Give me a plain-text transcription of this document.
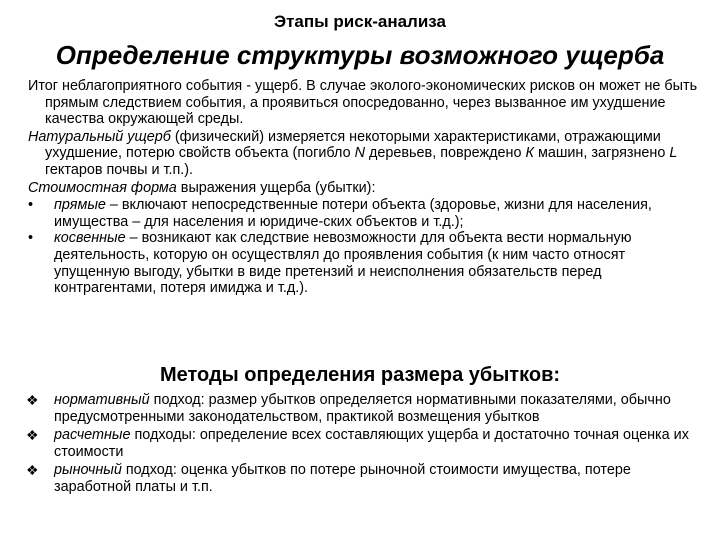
Этапы риск-анализа
Определение структуры возможного ущерба

Итог неблагоприятного события - ущерб. В случае эколого-экономических рисков он может не быть прямым следствием события, а проявиться опосредованно, через вызванное им ухудшение качества окружающей среды.

Натуральный ущерб (физический) измеряется некоторыми характеристиками, отражающими ухудшение, потерю свойств объекта (погибло N деревьев, повреждено К машин, загрязнено L гектаров почвы и т.п.).

Стоимостная форма выражения ущерба (убытки):

•	прямые – включают непосредственные потери объекта (здоровье, жизни для населения, имущества – для населения и юридиче-ских объектов и т.д.);
•	косвенные – возникают как следствие невозможности для объекта вести нормальную деятельность, которую он осуществлял до проявления события (к ним часто относят упущенную выгоду, убытки в виде претензий и неисполнения обязательств перед контрагентами, потеря имиджа и т.д.).
Методы определения размера убытков:
❖	нормативный подход: размер убытков определяется нормативными показателями, обычно предусмотренными законодательством, практикой возмещения убытков
❖	расчетные подходы: определение всех составляющих ущерба и достаточно точная оценка их стоимости
❖	рыночный подход: оценка убытков по потере рыночной стоимости имущества, потере заработной платы и т.п.
